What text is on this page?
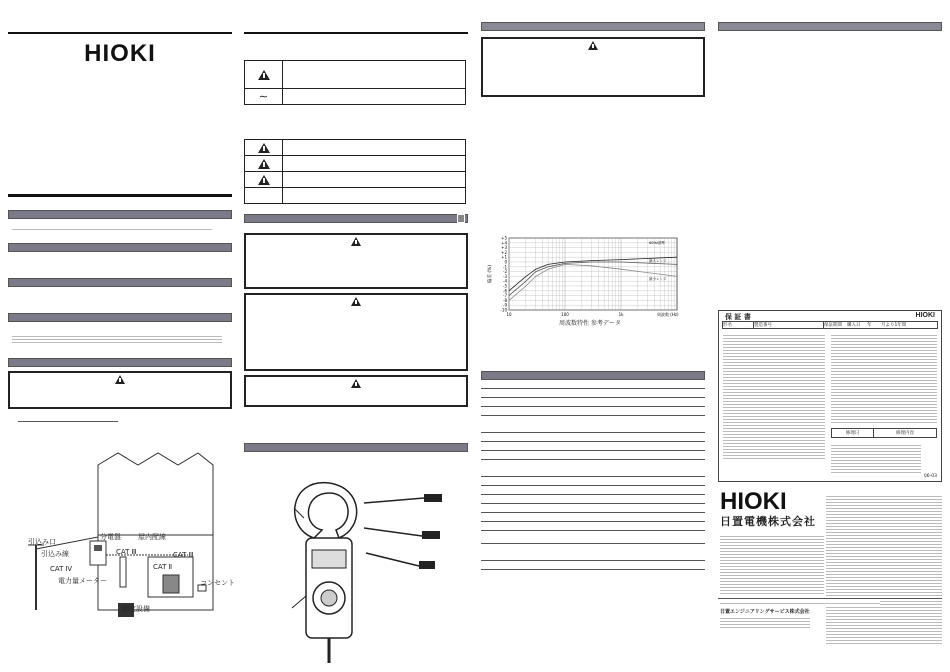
HIOKI
引込み口
引込み線
CAT Ⅳ
電力量メーター
分電盤 屋内配線
CAT Ⅲ	CAT Ⅲ
CAT Ⅱ
コンセント
固定設備

∼	

+5
+4
+3
+2
+1
0
-1
-2
-3
-4
-5
-6
-7
-8
-9
-10
10	100	1k	周波数 (Hz)
偏差 (%)
60Hz基準
最大レンジ
最小レンジ
周波数特性 参考データ
保 証 書	HIOKI
形名	製造番号	保証期間	購入日	年	月より1年間
修理日	修理内容
06-03
HIOKI
日置電機株式会社
日置エンジニアリングサービス株式会社
